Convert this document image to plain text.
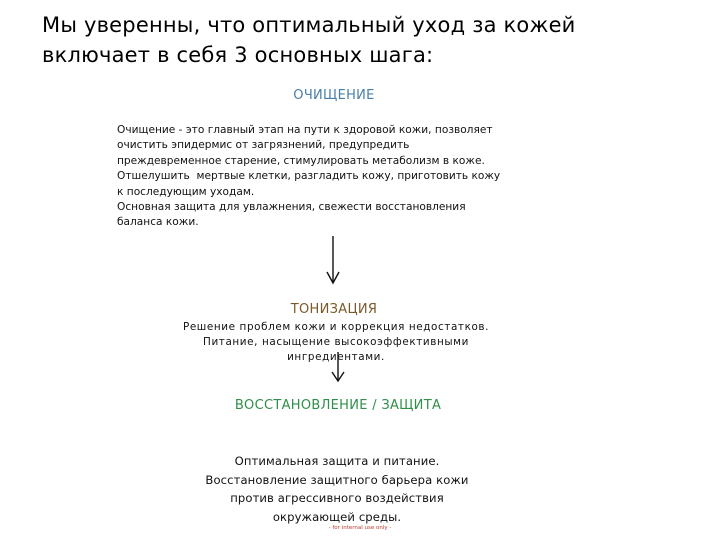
Мы уверенны, что оптимальный уход за кожей включает в себя 3 основных шага:
ОЧИЩЕНИЕ
Очищение - это главный этап на пути к здоровой кожи, позволяет
очистить эпидермис от загрязнений, предупредить
преждевременное старение, стимулировать метаболизм в коже.
Отшелушить  мертвые клетки, разгладить кожу, приготовить кожу
к последующим уходам.
Основная защита для увлажнения, свежести восстановления
баланса кожи.
ТОНИЗАЦИЯ
Решение проблем кожи и коррекция недостатков.
Питание, насыщение высокоэффективными
ингредиентами.
ВОССТАНОВЛЕНИЕ / ЗАЩИТА
Оптимальная защита и питание.
Восстановление защитного барьера кожи
против агрессивного воздействия
окружающей среды.
- for internal use only -
